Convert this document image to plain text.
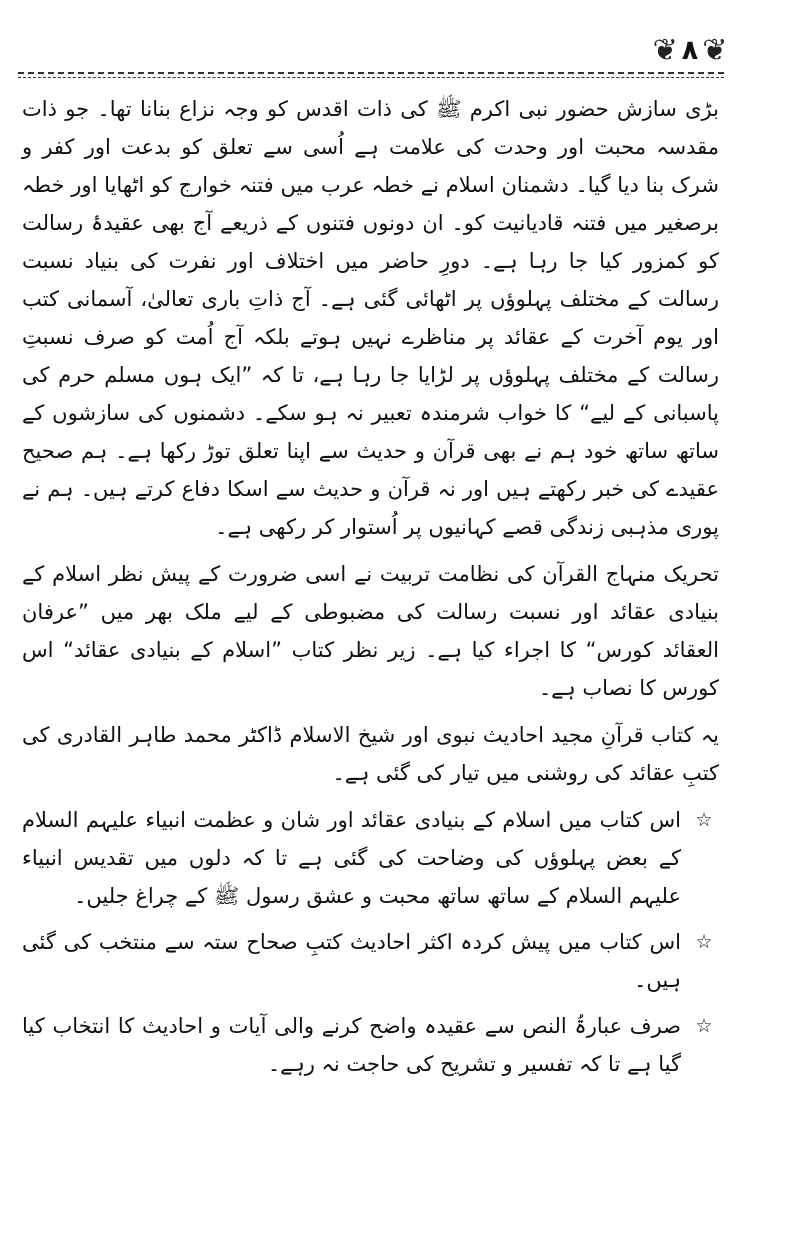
❦ ۸ ❦

بڑی سازش حضور نبی اکرم ﷺ کی ذات اقدس کو وجہ نزاع بنانا تھا۔ جو ذات مقدسہ محبت اور وحدت کی علامت ہے اُسی سے تعلق کو بدعت اور کفر و شرک بنا دیا گیا۔ دشمنان اسلام نے خطہ عرب میں فتنہ خوارج کو اٹھایا اور خطہ برصغیر میں فتنہ قادیانیت کو۔ ان دونوں فتنوں کے ذریعے آج بھی عقیدۂ رسالت کو کمزور کیا جا رہا ہے۔ دورِ حاضر میں اختلاف اور نفرت کی بنیاد نسبت رسالت کے مختلف پہلوؤں پر اٹھائی گئی ہے۔ آج ذاتِ باری تعالیٰ، آسمانی کتب اور یوم آخرت کے عقائد پر مناظرے نہیں ہوتے بلکہ آج اُمت کو صرف نسبتِ رسالت کے مختلف پہلوؤں پر لڑایا جا رہا ہے، تا کہ ”ایک ہوں مسلم حرم کی پاسبانی کے لیے“ کا خواب شرمندہ تعبیر نہ ہو سکے۔ دشمنوں کی سازشوں کے ساتھ ساتھ خود ہم نے بھی قرآن و حدیث سے اپنا تعلق توڑ رکھا ہے۔ ہم صحیح عقیدے کی خبر رکھتے ہیں اور نہ قرآن و حدیث سے اسکا دفاع کرتے ہیں۔ ہم نے پوری مذہبی زندگی قصے کہانیوں پر اُستوار کر رکھی ہے۔

تحریک منہاج القرآن کی نظامت تربیت نے اسی ضرورت کے پیش نظر اسلام کے بنیادی عقائد اور نسبت رسالت کی مضبوطی کے لیے ملک بھر میں ”عرفان العقائد کورس“ کا اجراء کیا ہے۔ زیر نظر کتاب ”اسلام کے بنیادی عقائد“ اس کورس کا نصاب ہے۔

یہ کتاب قرآنِ مجید احادیث نبوی اور شیخ الاسلام ڈاکٹر محمد طاہر القادری کی کتبِ عقائد کی روشنی میں تیار کی گئی ہے۔

☆
اس کتاب میں اسلام کے بنیادی عقائد اور شان و عظمت انبیاء علیہم السلام کے بعض پہلوؤں کی وضاحت کی گئی ہے تا کہ دلوں میں تقدیس انبیاء علیہم السلام کے ساتھ ساتھ محبت و عشق رسول ﷺ کے چراغ جلیں۔
☆
اس کتاب میں پیش کردہ اکثر احادیث کتبِ صحاح ستہ سے منتخب کی گئی ہیں۔
☆
صرف عبارۃُ النص سے عقیدہ واضح کرنے والی آیات و احادیث کا انتخاب کیا گیا ہے تا کہ تفسیر و تشریح کی حاجت نہ رہے۔
